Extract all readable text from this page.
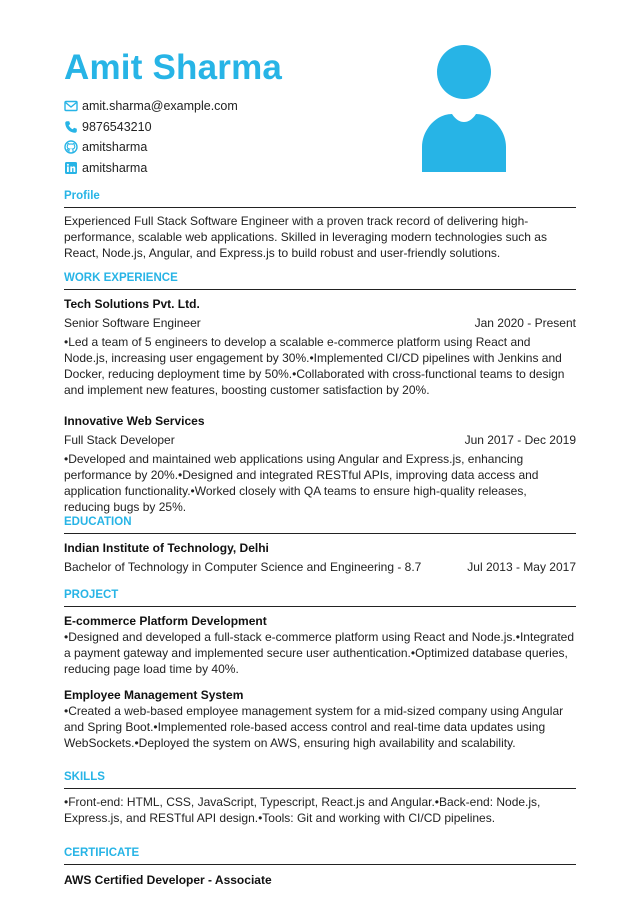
Amit Sharma
amit.sharma@example.com
9876543210
amitsharma
amitsharma
Profile
Experienced Full Stack Software Engineer with a proven track record of delivering high-performance, scalable web applications. Skilled in leveraging modern technologies such as React, Node.js, Angular, and Express.js to build robust and user-friendly solutions.
WORK EXPERIENCE
Tech Solutions Pvt. Ltd.
Senior Software Engineer	Jan 2020 - Present
•Led a team of 5 engineers to develop a scalable e-commerce platform using React and Node.js, increasing user engagement by 30%.•Implemented CI/CD pipelines with Jenkins and Docker, reducing deployment time by 50%.•Collaborated with cross-functional teams to design and implement new features, boosting customer satisfaction by 20%.
Innovative Web Services
Full Stack Developer	Jun 2017 - Dec 2019
•Developed and maintained web applications using Angular and Express.js, enhancing performance by 20%.•Designed and integrated RESTful APIs, improving data access and application functionality.•Worked closely with QA teams to ensure high-quality releases, reducing bugs by 25%.
EDUCATION
Indian Institute of Technology, Delhi
Bachelor of Technology in Computer Science and Engineering - 8.7	Jul 2013 - May 2017
PROJECT
E-commerce Platform Development
•Designed and developed a full-stack e-commerce platform using React and Node.js.•Integrated a payment gateway and implemented secure user authentication.•Optimized database queries, reducing page load time by 40%.
Employee Management System
•Created a web-based employee management system for a mid-sized company using Angular and Spring Boot.•Implemented role-based access control and real-time data updates using WebSockets.•Deployed the system on AWS, ensuring high availability and scalability.
SKILLS
•Front-end: HTML, CSS, JavaScript, Typescript, React.js and Angular.•Back-end: Node.js, Express.js, and RESTful API design.•Tools: Git and working with CI/CD pipelines.
CERTIFICATE
AWS Certified Developer - Associate
